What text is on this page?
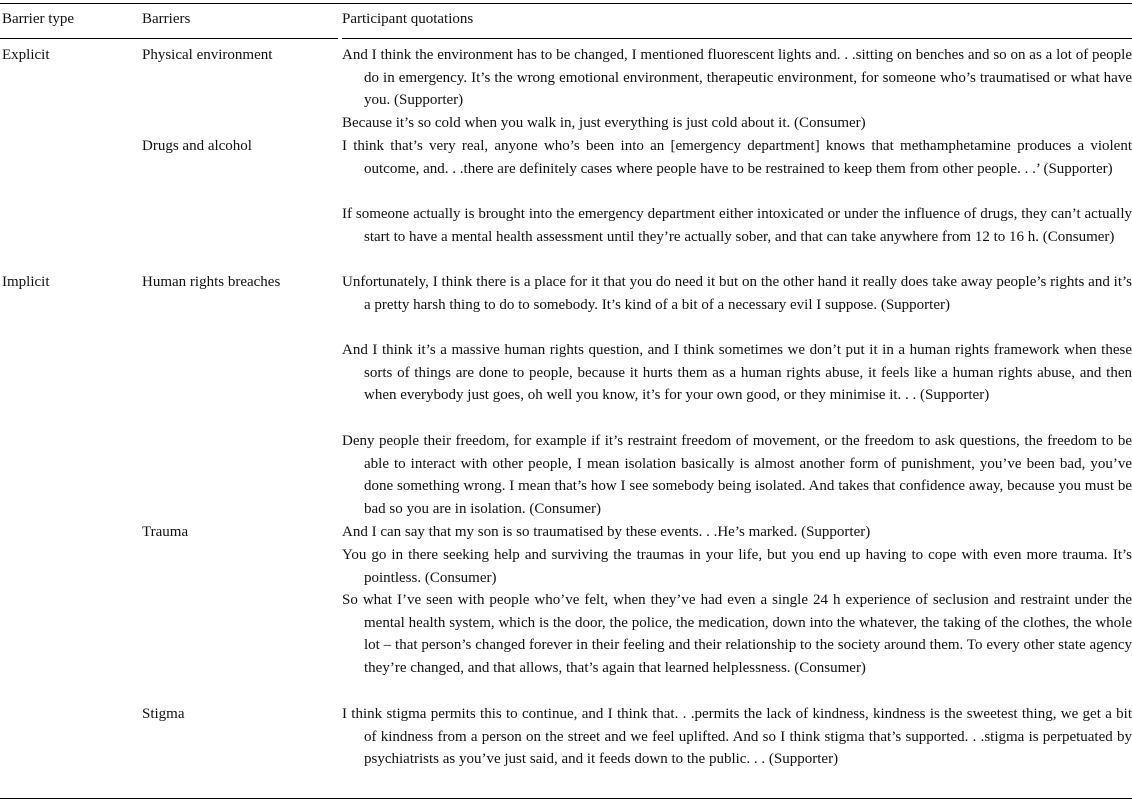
Barrier type	Barriers	Participant quotations
Explicit
Implicit
Physical environment
Drugs and alcohol
Human rights breaches
Trauma
Stigma

And I think the environment has to be changed, I mentioned fluorescent lights and. . .sitting on benches and so on as a lot of people do in emergency. It’s the wrong emotional environment, therapeutic environment, for someone who’s traumatised or what have you. (Supporter)

Because it’s so cold when you walk in, just everything is just cold about it. (Consumer)

I think that’s very real, anyone who’s been into an [emergency department] knows that methamphetamine produces a violent outcome, and. . .there are definitely cases where people have to be restrained to keep them from other people. . .’ (Supporter)

If someone actually is brought into the emergency department either intoxicated or under the influence of drugs, they can’t actually start to have a mental health assessment until they’re actually sober, and that can take anywhere from 12 to 16 h. (Consumer)

Unfortunately, I think there is a place for it that you do need it but on the other hand it really does take away people’s rights and it’s a pretty harsh thing to do to somebody. It’s kind of a bit of a necessary evil I suppose. (Supporter)

And I think it’s a massive human rights question, and I think sometimes we don’t put it in a human rights framework when these sorts of things are done to people, because it hurts them as a human rights abuse, it feels like a human rights abuse, and then when everybody just goes, oh well you know, it’s for your own good, or they minimise it. . . (Supporter)

Deny people their freedom, for example if it’s restraint freedom of movement, or the freedom to ask questions, the freedom to be able to interact with other people, I mean isolation basically is almost another form of punishment, you’ve been bad, you’ve done something wrong. I mean that’s how I see somebody being isolated. And takes that confidence away, because you must be bad so you are in isolation. (Consumer)

And I can say that my son is so traumatised by these events. . .He’s marked. (Supporter)

You go in there seeking help and surviving the traumas in your life, but you end up having to cope with even more trauma. It’s pointless. (Consumer)

So what I’ve seen with people who’ve felt, when they’ve had even a single 24 h experience of seclusion and restraint under the mental health system, which is the door, the police, the medication, down into the whatever, the taking of the clothes, the whole lot – that person’s changed forever in their feeling and their relationship to the society around them. To every other state agency they’re changed, and that allows, that’s again that learned helplessness. (Consumer)

I think stigma permits this to continue, and I think that. . .permits the lack of kindness, kindness is the sweetest thing, we get a bit of kindness from a person on the street and we feel uplifted. And so I think stigma that’s supported. . .stigma is perpetuated by psychiatrists as you’ve just said, and it feeds down to the public. . . (Supporter)
